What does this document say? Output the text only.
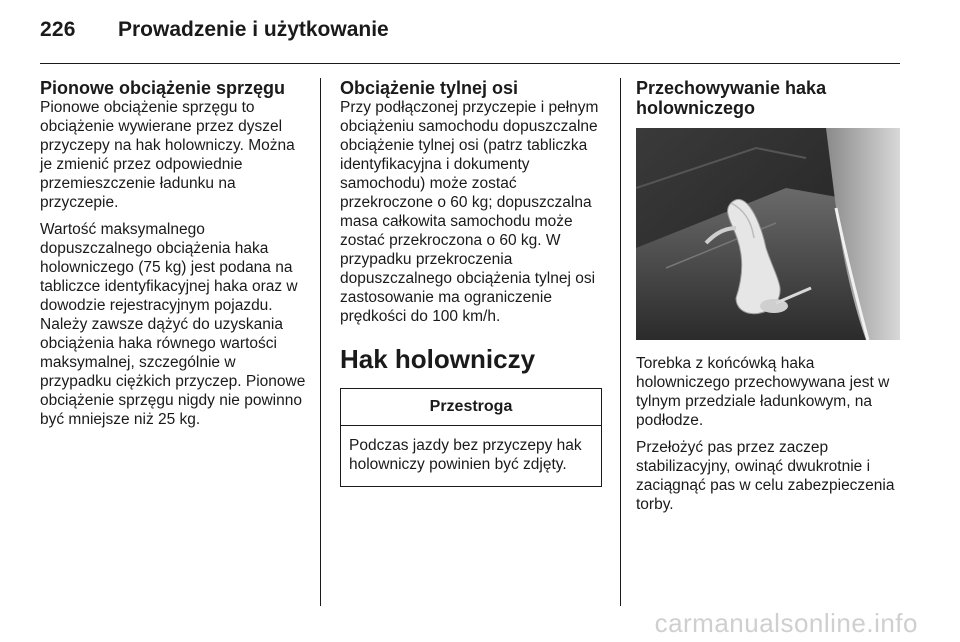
226 Prowadzenie i użytkowanie
Pionowe obciążenie sprzęgu

Pionowe obciążenie sprzęgu to obciążenie wywierane przez dyszel przyczepy na hak holowniczy. Można je zmienić przez odpowiednie przemieszczenie ładunku na przyczepie.

Wartość maksymalnego dopuszczalnego obciążenia haka holowniczego (75 kg) jest podana na tabliczce identyfikacyjnej haka oraz w dowodzie rejestracyjnym pojazdu. Należy zawsze dążyć do uzyskania obciążenia haka równego wartości maksymalnej, szczególnie w przypadku ciężkich przyczep. Pionowe obciążenie sprzęgu nigdy nie powinno być mniejsze niż 25 kg.

Obciążenie tylnej osi

Przy podłączonej przyczepie i pełnym obciążeniu samochodu dopuszczalne obciążenie tylnej osi (patrz tabliczka identyfikacyjna i dokumenty samochodu) może zostać przekroczone o 60 kg; dopuszczalna masa całkowita samochodu może zostać przekroczona o 60 kg. W przypadku przekroczenia dopuszczalnego obciążenia tylnej osi zastosowanie ma ograniczenie prędkości do 100 km/h.

Hak holowniczy
Przestroga
Podczas jazdy bez przyczepy hak holowniczy powinien być zdjęty.
Przechowywanie haka holowniczego

Torebka z końcówką haka holowniczego przechowywana jest w tylnym przedziale ładunkowym, na podłodze.

Przełożyć pas przez zaczep stabilizacyjny, owinąć dwukrotnie i zaciągnąć pas w celu zabezpieczenia torby.

carmanualsonline.info
